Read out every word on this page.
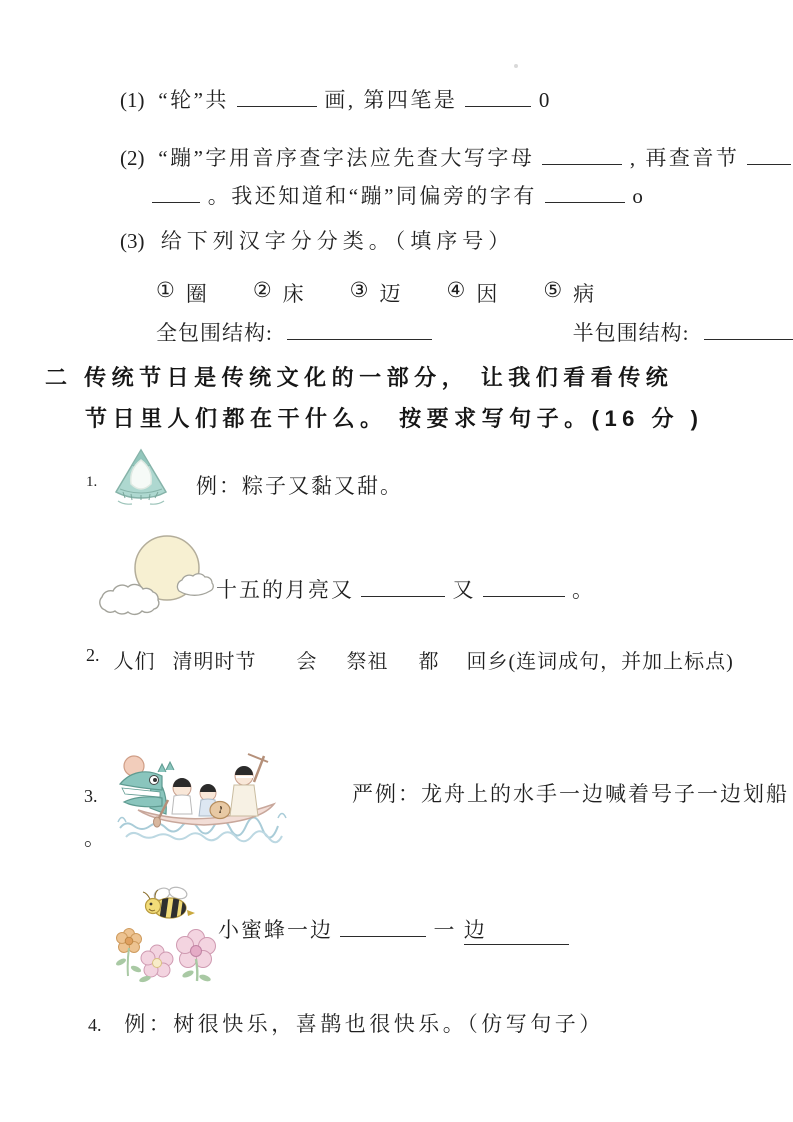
(1) “轮”共	画, 第四笔是	0
(2) “蹦”字用音序查字法应先查大写字母	, 再查音节
。我还知道和“蹦”同偏旁的字有	o
(3) 给下列汉字分分类。（填序号）
① 圈 ② 床 ③ 迈 ④ 因 ⑤ 病
全包围结构:	半包围结构:
二 传统节日是传统文化的一部分， 让我们看看传统
节日里人们都在干什么。 按要求写句子。(16 分 )
1.	例：粽子又黏又甜。
十五的月亮又	又	。
2. 人们 清明时节 会 祭祖 都 回乡(连词成句，并加上标点)
3.	严例：龙舟上的水手一边喊着号子一边划船
。
小蜜蜂一边	一 边
4. 例：树很快乐，喜鹊也很快乐。（仿写句子）
